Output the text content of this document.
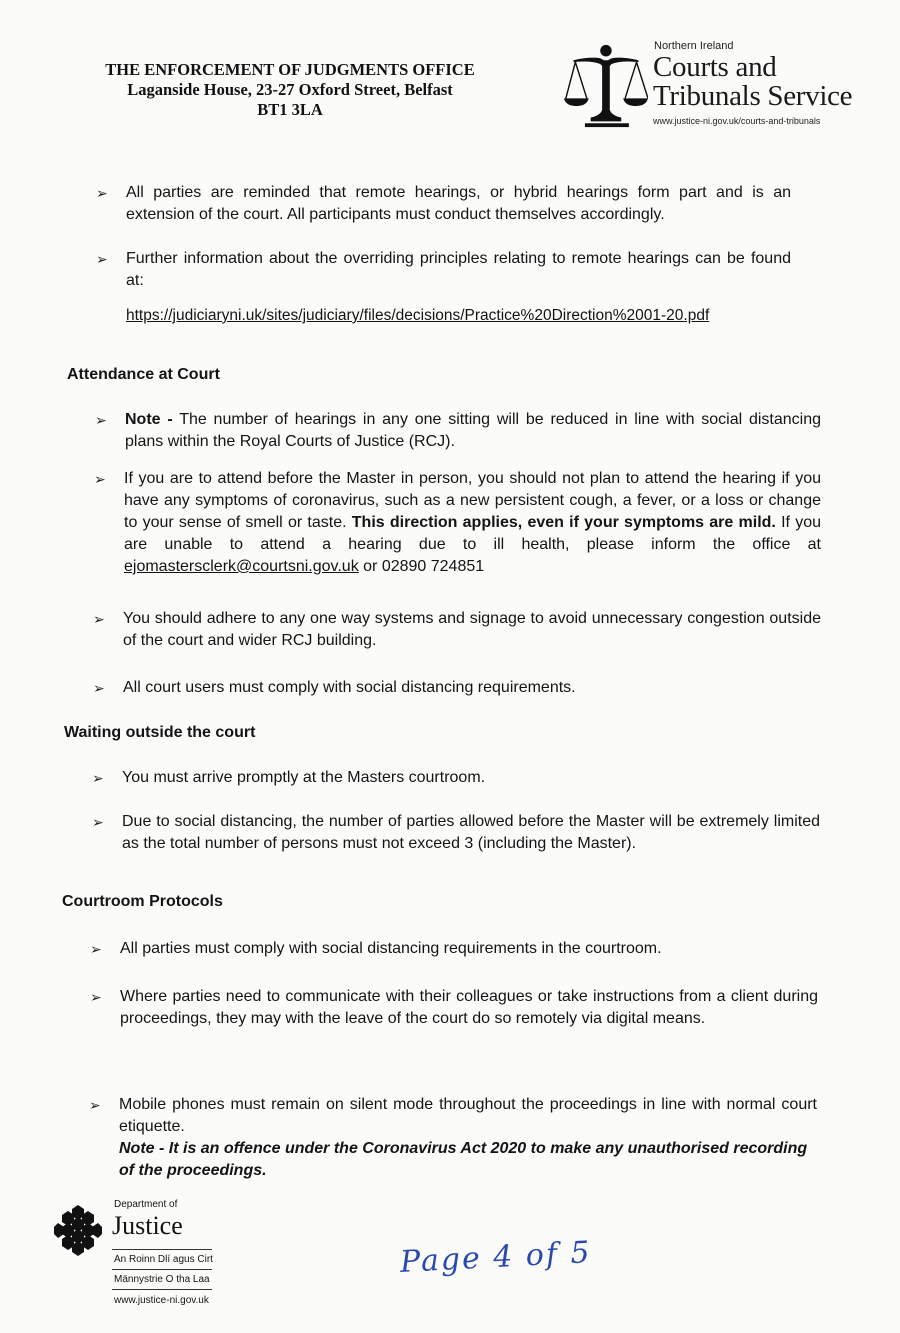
THE ENFORCEMENT OF JUDGMENTS OFFICE
Laganside House, 23-27 Oxford Street, Belfast
BT1 3LA
Northern Ireland
Courts and
Tribunals Service
www.justice-ni.gov.uk/courts-and-tribunals
➢ All parties are reminded that remote hearings, or hybrid hearings form part and is an extension of the court. All participants must conduct themselves accordingly.
➢ Further information about the overriding principles relating to remote hearings can be found at:
https://judiciaryni.uk/sites/judiciary/files/decisions/Practice%20Direction%2001-20.pdf
Attendance at Court
➢ Note - The number of hearings in any one sitting will be reduced in line with social distancing plans within the Royal Courts of Justice (RCJ).
➢ If you are to attend before the Master in person, you should not plan to attend the hearing if you have any symptoms of coronavirus, such as a new persistent cough, a fever, or a loss or change to your sense of smell or taste. This direction applies, even if your symptoms are mild. If you are unable to attend a hearing due to ill health, please inform the office at ejomastersclerk@courtsni.gov.uk or 02890 724851
➢ You should adhere to any one way systems and signage to avoid unnecessary congestion outside of the court and wider RCJ building.
➢ All court users must comply with social distancing requirements.
Waiting outside the court
➢ You must arrive promptly at the Masters courtroom.
➢ Due to social distancing, the number of parties allowed before the Master will be extremely limited as the total number of persons must not exceed 3 (including the Master).
Courtroom Protocols
➢ All parties must comply with social distancing requirements in the courtroom.
➢ Where parties need to communicate with their colleagues or take instructions from a client during proceedings, they may with the leave of the court do so remotely via digital means.
➢ Mobile phones must remain on silent mode throughout the proceedings in line with normal court etiquette.
Note - It is an offence under the Coronavirus Act 2020 to make any unauthorised recording of the proceedings.
Department of
Justice
An Roinn Dlí agus Cirt
Männystrie O tha Laa
www.justice-ni.gov.uk
Page 4 of 5
